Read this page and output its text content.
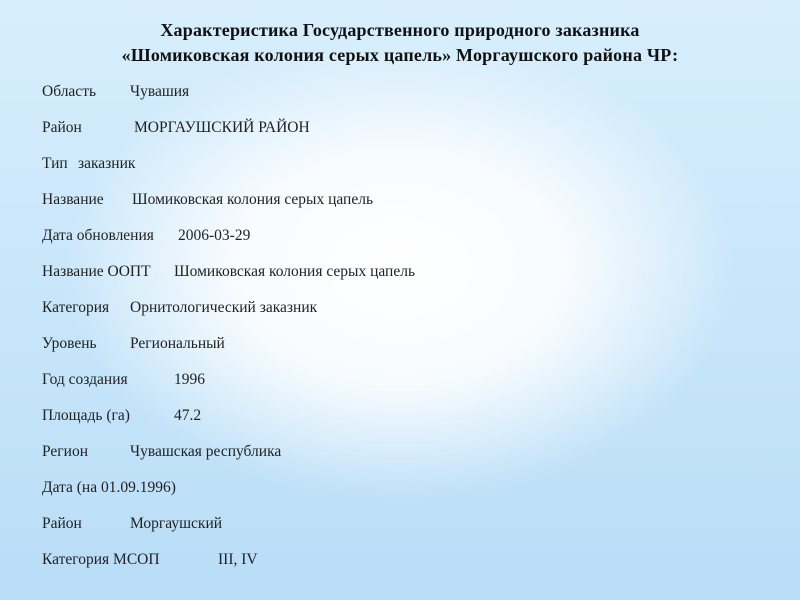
Характеристика Государственного природного заказника
«Шомиковская колония серых цапель» Моргаушского района ЧР:
Область Чувашия
Район	МОРГАУШСКИЙ РАЙОН
Тип заказник
Название Шомиковская колония серых цапель
Дата обновления 2006-03-29
Название ООПТ Шомиковская колония серых цапель
Категория Орнитологический заказник
Уровень Региональный
Год создания	1996
Площадь (га)	47.2
Регион	Чувашская республика
Дата (на 01.09.1996)
Район	Моргаушский
Категория МСОП	III, IV
